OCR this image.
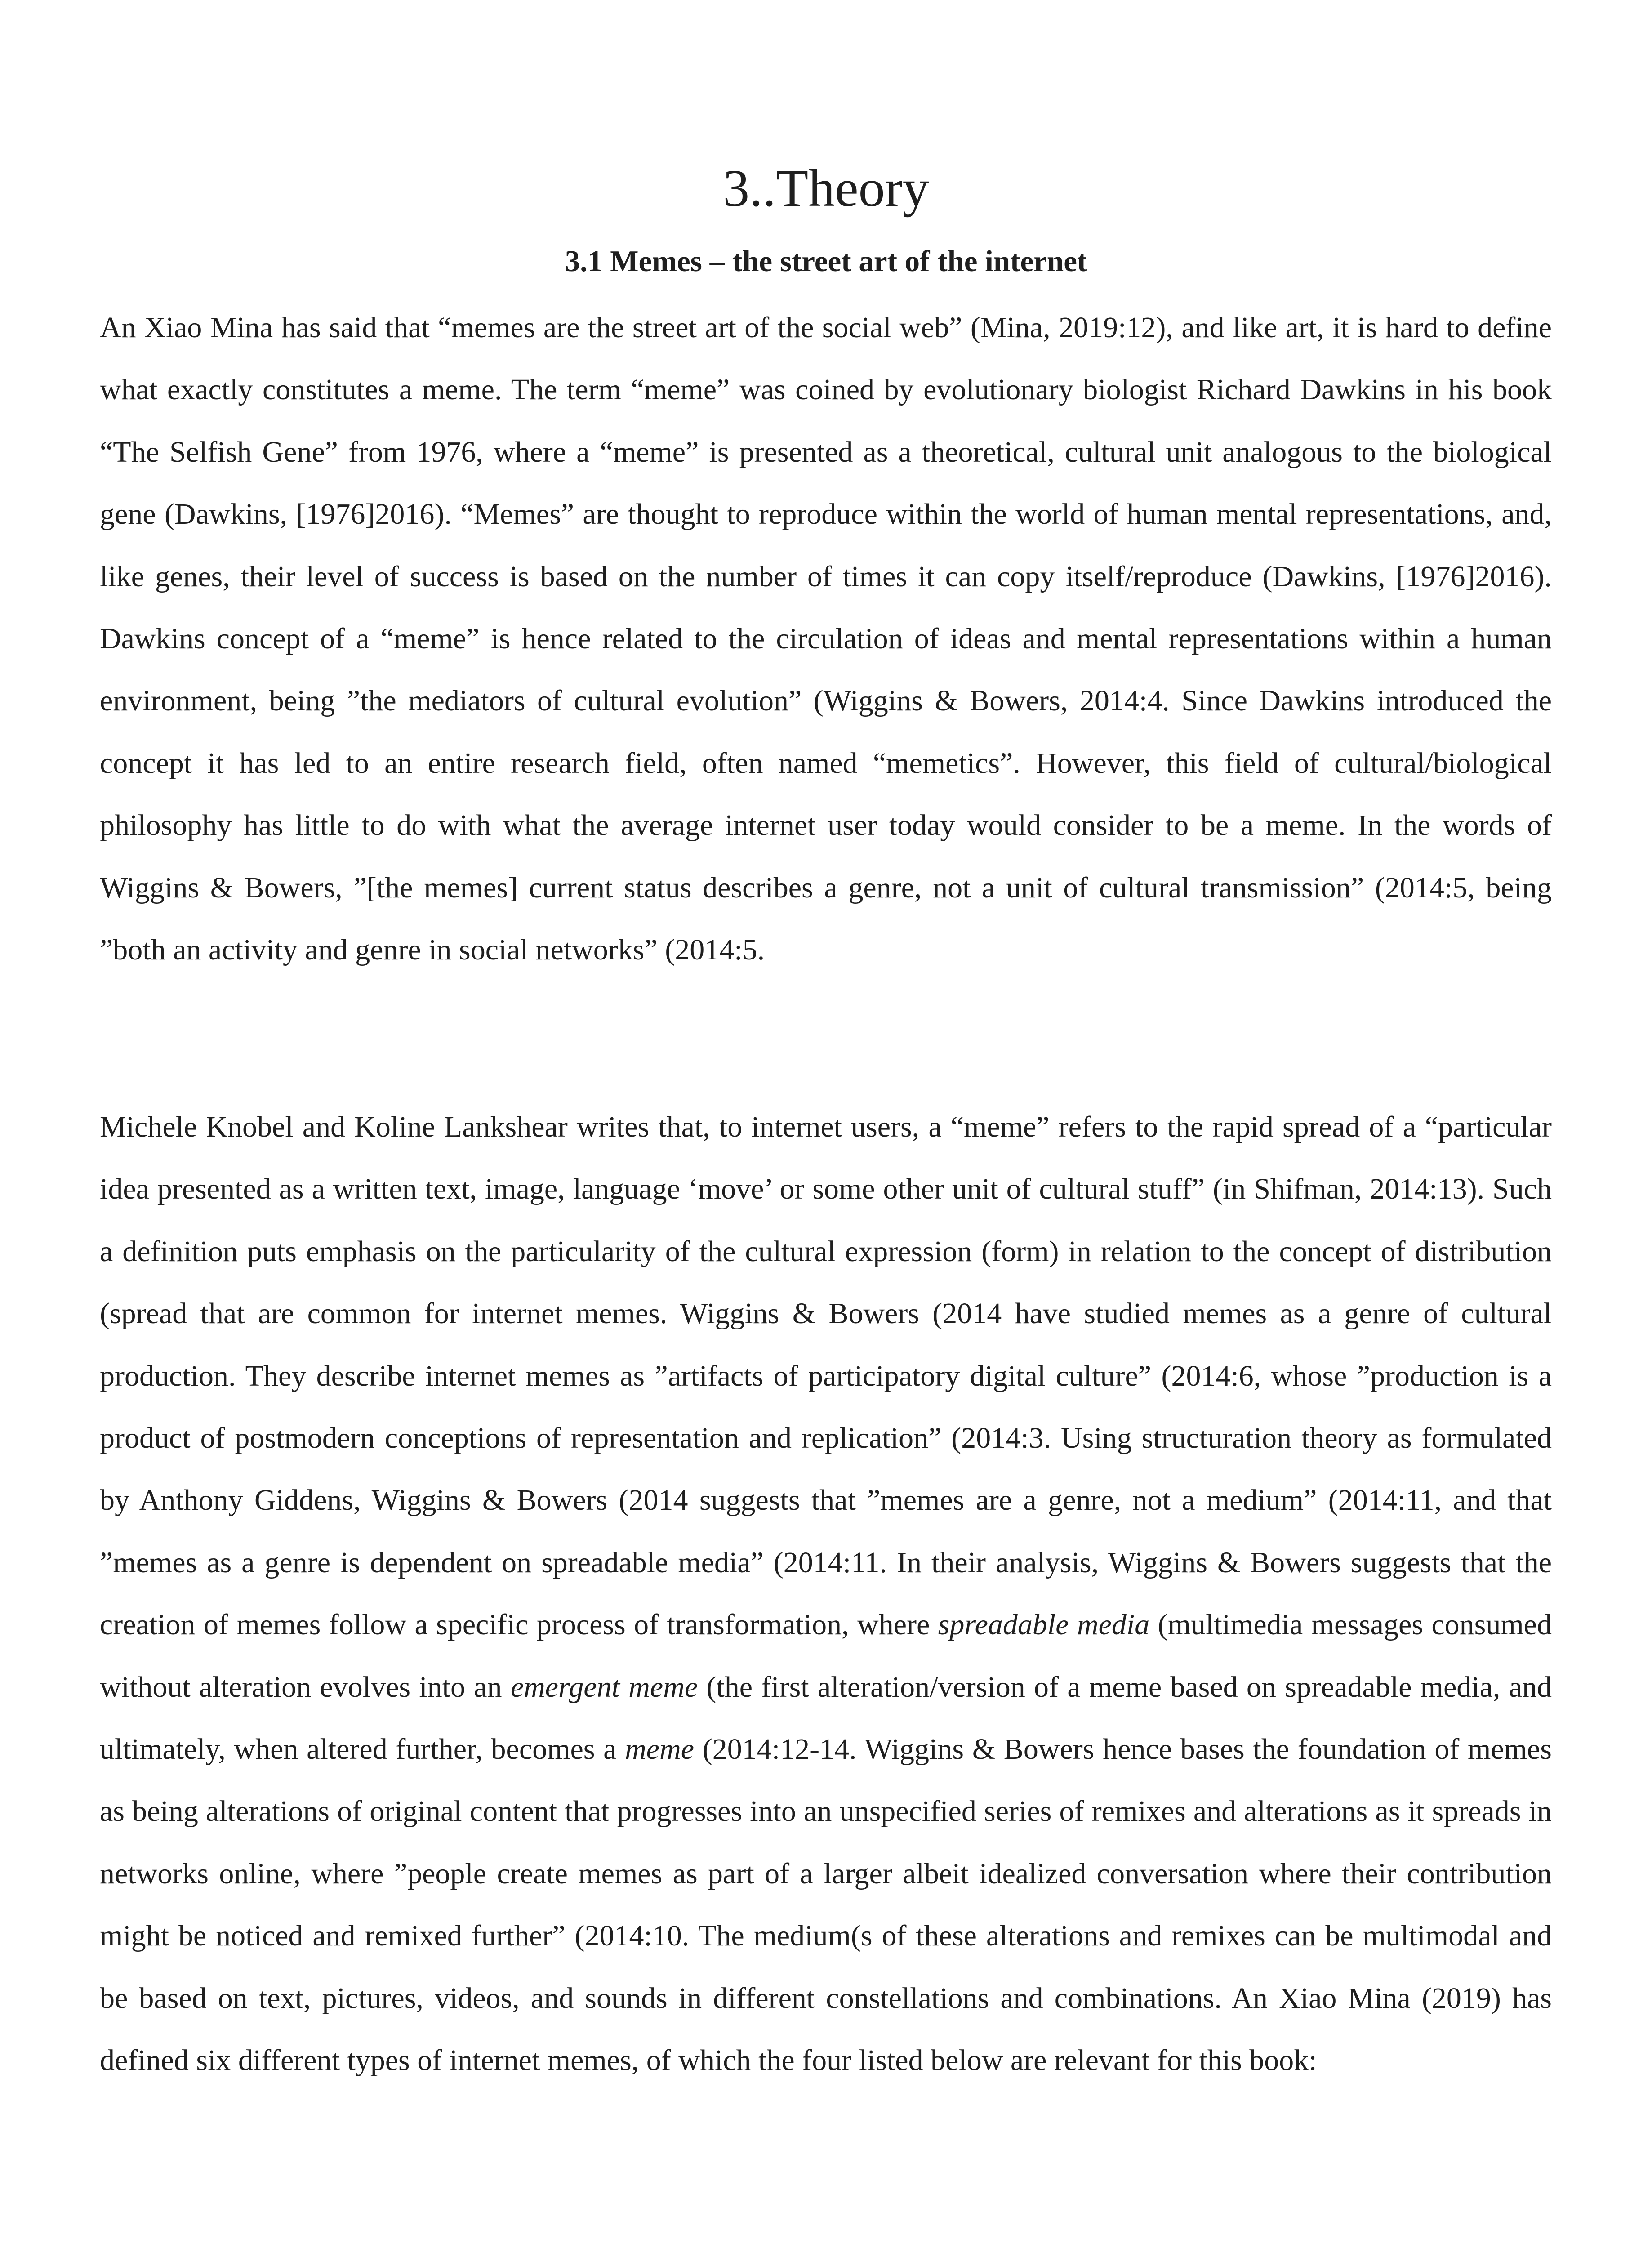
3..Theory
3.1 Memes – the street art of the internet

An Xiao Mina has said that “memes are the street art of the social web” (Mina, 2019:12), and like art, it is hard to define what exactly constitutes a meme. The term “meme” was coined by evolutionary biologist Richard Dawkins in his book “The Selfish Gene” from 1976, where a “meme” is presented as a theoretical, cultural unit analogous to the biological gene (Dawkins, [1976]2016). “Memes” are thought to reproduce within the world of human mental representations, and, like genes, their level of success is based on the number of times it can copy itself/reproduce (Dawkins, [1976]2016). Dawkins concept of a “meme” is hence related to the circulation of ideas and mental representations within a human environment, being ”the mediators of cultural evolution” (Wiggins & Bowers, 2014:4. Since Dawkins introduced the concept it has led to an entire research field, often named “memetics”. However, this field of cultural/biological philosophy has little to do with what the average internet user today would consider to be a meme. In the words of Wiggins & Bowers, ”[the memes] current status describes a genre, not a unit of cultural transmission” (2014:5, being ”both an activity and genre in social networks” (2014:5.

Michele Knobel and Koline Lankshear writes that, to internet users, a “meme” refers to the rapid spread of a “particular idea presented as a written text, image, language ‘move’ or some other unit of cultural stuff” (in Shifman, 2014:13). Such a definition puts emphasis on the particularity of the cultural expression (form) in relation to the concept of distribution (spread that are common for internet memes. Wiggins & Bowers (2014 have studied memes as a genre of cultural production. They describe internet memes as ”artifacts of participatory digital culture” (2014:6, whose ”production is a product of postmodern conceptions of representation and replication” (2014:3. Using structuration theory as formulated by Anthony Giddens, Wiggins & Bowers (2014 suggests that ”memes are a genre, not a medium” (2014:11, and that ”memes as a genre is dependent on spreadable media” (2014:11. In their analysis, Wiggins & Bowers suggests that the creation of memes follow a specific process of transformation, where spreadable media (multimedia messages consumed without alteration evolves into an emergent meme (the first alteration/version of a meme based on spreadable media, and ultimately, when altered further, becomes a meme (2014:12-14. Wiggins & Bowers hence bases the foundation of memes as being alterations of original content that progresses into an unspecified series of remixes and alterations as it spreads in networks online, where ”people create memes as part of a larger albeit idealized conversation where their contribution might be noticed and remixed further” (2014:10. The medium(s of these alterations and remixes can be multimodal and be based on text, pictures, videos, and sounds in different constellations and combinations. An Xiao Mina (2019) has defined six different types of internet memes, of which the four listed below are relevant for this book:
